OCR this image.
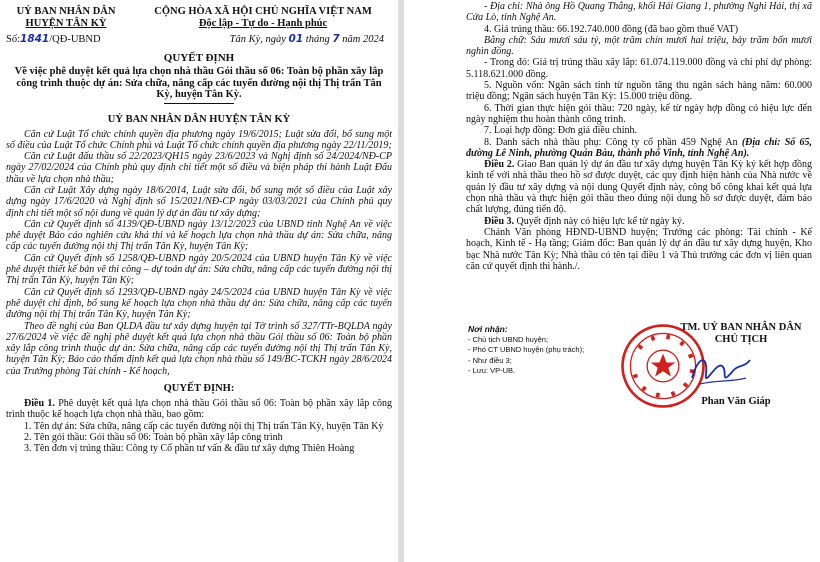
UỶ BAN NHÂN DÂN
HUYỆN TÂN KỲ
Số:1841/QĐ-UBND
CỘNG HÒA XÃ HỘI CHỦ NGHĨA VIỆT NAM
Độc lập - Tự do - Hạnh phúc
Tân Kỳ, ngày 01 tháng 7 năm 2024
QUYẾT ĐỊNH
Về việc phê duyệt kết quả lựa chọn nhà thầu Gói thầu số 06: Toàn bộ phần xây lắp công trình thuộc dự án: Sửa chữa, nâng cấp các tuyến đường nội thị Thị trấn Tân Kỳ, huyện Tân Kỳ.
UỶ BAN NHÂN DÂN HUYỆN TÂN KỲ

Căn cứ Luật Tổ chức chính quyền địa phương ngày 19/6/2015; Luật sửa đổi, bổ sung một số điều của Luật Tổ chức Chính phủ và Luật Tổ chức chính quyền địa phương ngày 22/11/2019;

Căn cứ Luật đấu thầu số 22/2023/QH15 ngày 23/6/2023 và Nghị định số 24/2024/NĐ-CP ngày 27/02/2024 của Chính phủ quy định chi tiết một số điều và biện pháp thi hành Luật Đấu thầu về lựa chọn nhà thầu;

Căn cứ Luật Xây dựng ngày 18/6/2014, Luật sửa đổi, bổ sung một số điều của Luật xây dựng ngày 17/6/2020 và Nghị định số 15/2021/NĐ-CP ngày 03/03/2021 của Chính phủ quy định chi tiết một số nội dung về quản lý dự án đầu tư xây dựng;

Căn cứ Quyết định số 4139/QĐ-UBND ngày 13/12/2023 của UBND tỉnh Nghệ An về việc phê duyệt Báo cáo nghiên cứu khả thi và kế hoạch lựa chọn nhà thầu dự án: Sửa chữa, nâng cấp các tuyến đường nội thị Thị trấn Tân Kỳ, huyện Tân Kỳ;

Căn cứ Quyết định số 1258/QĐ-UBND ngày 20/5/2024 của UBND huyện Tân Kỳ về việc phê duyệt thiết kế bản vẽ thi công – dự toán dự án: Sửa chữa, nâng cấp các tuyến đường nội thị Thị trấn Tân Kỳ, huyện Tân Kỳ;

Căn cứ Quyết định số 1293/QĐ-UBND ngày 24/5/2024 của UBND huyện Tân Kỳ về việc phê duyệt chỉ định, bổ sung kế hoạch lựa chọn nhà thầu dự án: Sửa chữa, nâng cấp các tuyến đường nội thị Thị trấn Tân Kỳ, huyện Tân Kỳ;

Theo đề nghị của Ban QLDA đầu tư xây dựng huyện tại Tờ trình số 327/TTr-BQLDA ngày 27/6/2024 về việc đề nghị phê duyệt kết quả lựa chọn nhà thầu Gói thầu số 06: Toàn bộ phần xây lắp công trình thuộc dự án: Sửa chữa, nâng cấp các tuyến đường nội thị Thị trấn Tân Kỳ, huyện Tân Kỳ; Báo cáo thẩm định kết quả lựa chọn nhà thầu số 149/BC-TCKH ngày 28/6/2024 của Trưởng phòng Tài chính - Kế hoạch,

QUYẾT ĐỊNH:

Điều 1. Phê duyệt kết quả lựa chọn nhà thầu Gói thầu số 06: Toàn bộ phần xây lắp công trình thuộc kế hoạch lựa chọn nhà thầu, bao gồm:

1. Tên dự án: Sửa chữa, nâng cấp các tuyến đường nội thị Thị trấn Tân Kỳ, huyện Tân Kỳ

2. Tên gói thầu: Gói thầu số 06: Toàn bộ phần xây lắp công trình

3. Tên đơn vị trúng thầu: Công ty Cổ phần tư vấn & đầu tư xây dựng Thiên Hoàng

- Địa chỉ: Nhà ông Hồ Quang Thắng, khối Hải Giang 1, phường Nghi Hải, thị xã Cửa Lò, tỉnh Nghệ An.

4. Giá trúng thầu: 66.192.740.000 đồng (đã bao gồm thuế VAT)

Bằng chữ: Sáu mươi sáu tỷ, một trăm chín mươi hai triệu, bảy trăm bốn mươi nghìn đồng.

- Trong đó: Giá trị trúng thầu xây lắp: 61.074.119.000 đồng và chi phí dự phòng: 5.118.621.000 đồng.

5. Nguồn vốn: Ngân sách tỉnh từ nguồn tăng thu ngân sách hàng năm: 60.000 triệu đồng; Ngân sách huyện Tân Kỳ: 15.000 triệu đồng.

6. Thời gian thực hiện gói thầu: 720 ngày, kể từ ngày hợp đồng có hiệu lực đến ngày nghiệm thu hoàn thành công trình.

7. Loại hợp đồng: Đơn giá điều chỉnh.

8. Danh sách nhà thầu phụ: Công ty cổ phần 459 Nghệ An (Địa chỉ: Số 65, đường Lê Ninh, phường Quán Bàu, thành phố Vinh, tỉnh Nghệ An).

Điều 2. Giao Ban quản lý dự án đầu tư xây dựng huyện Tân Kỳ ký kết hợp đồng kinh tế với nhà thầu theo hồ sơ được duyệt, các quy định hiện hành của Nhà nước về quản lý đầu tư xây dựng và nội dung Quyết định này, công bố công khai kết quả lựa chọn nhà thầu và thực hiện gói thầu theo đúng nội dung hồ sơ được duyệt, đảm bảo chất lượng, đúng tiến độ.

Điều 3. Quyết định này có hiệu lực kể từ ngày ký.

Chánh Văn phòng HĐND-UBND huyện; Trưởng các phòng: Tài chính - Kế hoạch, Kinh tế - Hạ tầng; Giám đốc: Ban quản lý dự án đầu tư xây dựng huyện, Kho bạc Nhà nước Tân Kỳ; Nhà thầu có tên tại điều 1 và Thủ trưởng các đơn vị liên quan căn cứ quyết định thi hành./.

Nơi nhận:
- Chủ tịch UBND huyện;
- Phó CT UBND huyện (phụ trách);
- Như điều 3;
- Lưu: VP-UB.
TM. UỶ BAN NHÂN DÂN
CHỦ TỊCH
Phan Văn Giáp
